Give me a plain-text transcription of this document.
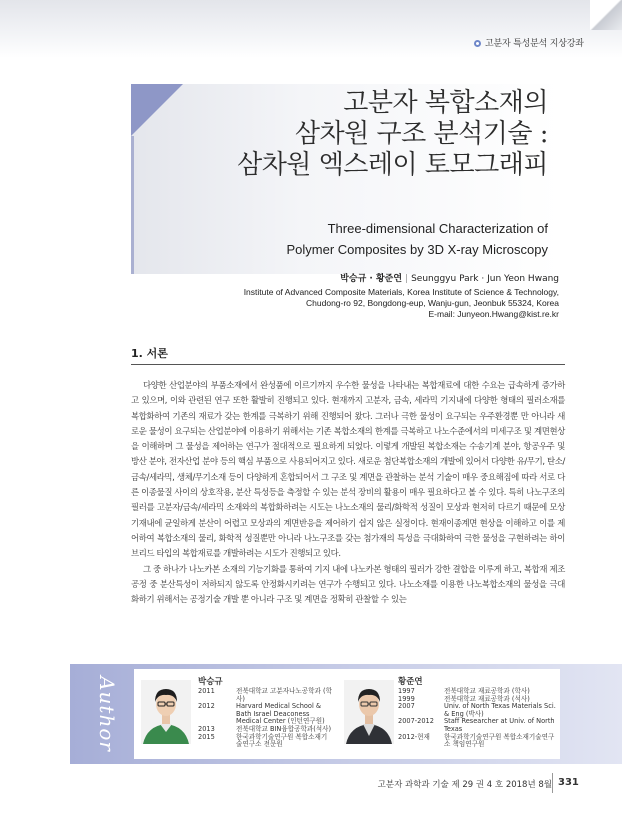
고분자 특성분석 지상강좌
고분자 복합소재의
삼차원 구조 분석기술 :
삼차원 엑스레이 토모그래피
Three-dimensional Characterization of
Polymer Composites by 3D X-ray Microscopy
박승규 · 황준연 | Seunggyu Park · Jun Yeon Hwang
Institute of Advanced Composite Materials, Korea Institute of Science & Technology,
Chudong-ro 92, Bongdong-eup, Wanju-gun, Jeonbuk 55324, Korea
E-mail: Junyeon.Hwang@kist.re.kr
1. 서론

다양한 산업분야의 부품소재에서 완성품에 이르기까지 우수한 물성을 나타내는 복합재료에 대한 수요는 급속하게 증가하고 있으며, 이와 관련된 연구 또한 활발히 진행되고 있다. 현재까지 고분자, 금속, 세라믹 기지내에 다양한 형태의 필러소재를 복합화하여 기존의 재료가 갖는 한계를 극복하기 위해 진행되어 왔다. 그러나 극한 물성이 요구되는 우주환경뿐 만 아니라 새로운 물성이 요구되는 산업분야에 이용하기 위해서는 기존 복합소재의 한계를 극복하고 나노수준에서의 미세구조 및 계면현상을 이해하며 그 물성을 제어하는 연구가 절대적으로 필요하게 되었다. 이렇게 개발된 복합소재는 수송기계 분야, 항공우주 및 방산 분야, 전자산업 분야 등의 핵심 부품으로 사용되어지고 있다. 새로운 첨단복합소재의 개발에 있어서 다양한 유/무기, 탄소/금속/세라믹, 생체/무기소재 등이 다양하게 혼합되어서 그 구조 및 계면을 관찰하는 분석 기술이 매우 중요해짐에 따라 서로 다른 이종물질 사이의 상호작용, 분산 특성등을 측정할 수 있는 분석 장비의 활용이 매우 필요하다고 볼 수 있다. 특히 나노구조의 필러를 고분자/금속/세라믹 소재와의 복합화하려는 시도는 나노소재의 물리/화학적 성질이 모상과 현저히 다르기 때문에 모상 기재내에 균일하게 분산이 어렵고 모상과의 계면반응을 제어하기 쉽지 않은 실정이다. 현재이종계면 현상을 이해하고 이를 제어하여 복합소재의 물리, 화학적 성질뿐만 아니라 나노구조를 갖는 첨가재의 특성을 극대화하여 극한 물성을 구현하려는 하이브리드 타입의 복합재료를 개발하려는 시도가 진행되고 있다.

그 중 하나가 나노카본 소재의 기능기화를 통하여 기지 내에 나노카본 형태의 필러가 강한 결합을 이루게 하고, 복합재 제조 공정 중 분산특성이 저하되지 않도록 안정화시키려는 연구가 수행되고 있다. 나노소재를 이용한 나노복합소재의 물성을 극대화하기 위해서는 공정기술 개발 뿐 아니라 구조 및 계면을 정확히 관찰할 수 있는

Author	박승규
2011	전북대학교 고분자나노공학과 (학사)
2012	Harvard Medical School & Bath Israel Deaconess Medical Center (인턴연구원)
2013	전북대학교 BIN융합공학과(석사)
2015	한국과학기술연구원 복합소재기술연구소 전문원
황준연
1997	전북대학교 재료공학과 (학사)
1999	전북대학교 재료공학과 (석사)
2007	Univ. of North Texas Materials Sci. & Eng (박사)
2007-2012	Staff Researcher at Univ. of North Texas
2012-현재	한국과학기술연구원 복합소재기술연구소 책임연구원
고분자 과학과 기술 제 29 권 4 호 2018년 8월 331
